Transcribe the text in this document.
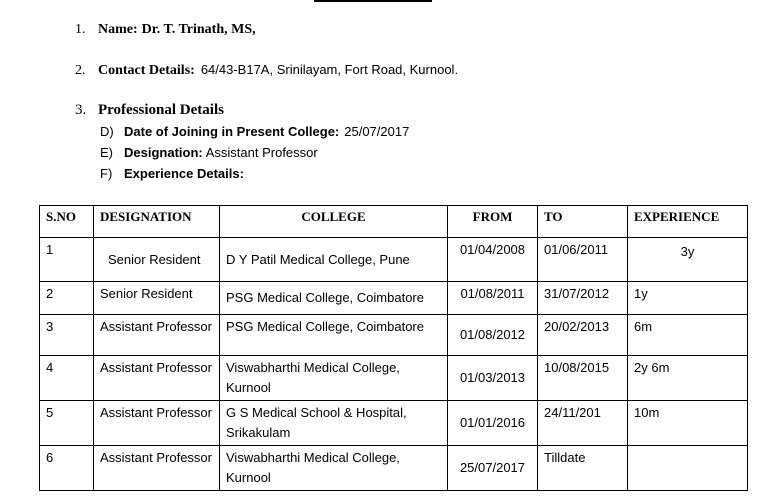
1. Name: Dr. T. Trinath, MS,
2. Contact Details: 64/43-B17A, Srinilayam, Fort Road, Kurnool.
3. Professional Details
D) Date of Joining in Present College: 25/07/2017
E) Designation: Assistant Professor
F) Experience Details:
S.NO	DESIGNATION	COLLEGE	FROM	TO	EXPERIENCE
1	Senior Resident	D Y Patil Medical College, Pune	01/04/2008	01/06/2011	3y
2	Senior Resident	PSG Medical College, Coimbatore	01/08/2011	31/07/2012	1y
3	Assistant Professor	PSG Medical College, Coimbatore	01/08/2012	20/02/2013	6m
4	Assistant Professor	Viswabharthi Medical College, Kurnool	01/03/2013	10/08/2015	2y 6m
5	Assistant Professor	G S Medical School & Hospital, Srikakulam	01/01/2016	24/11/201	10m
6	Assistant Professor	Viswabharthi Medical College, Kurnool	25/07/2017	Tilldate	
